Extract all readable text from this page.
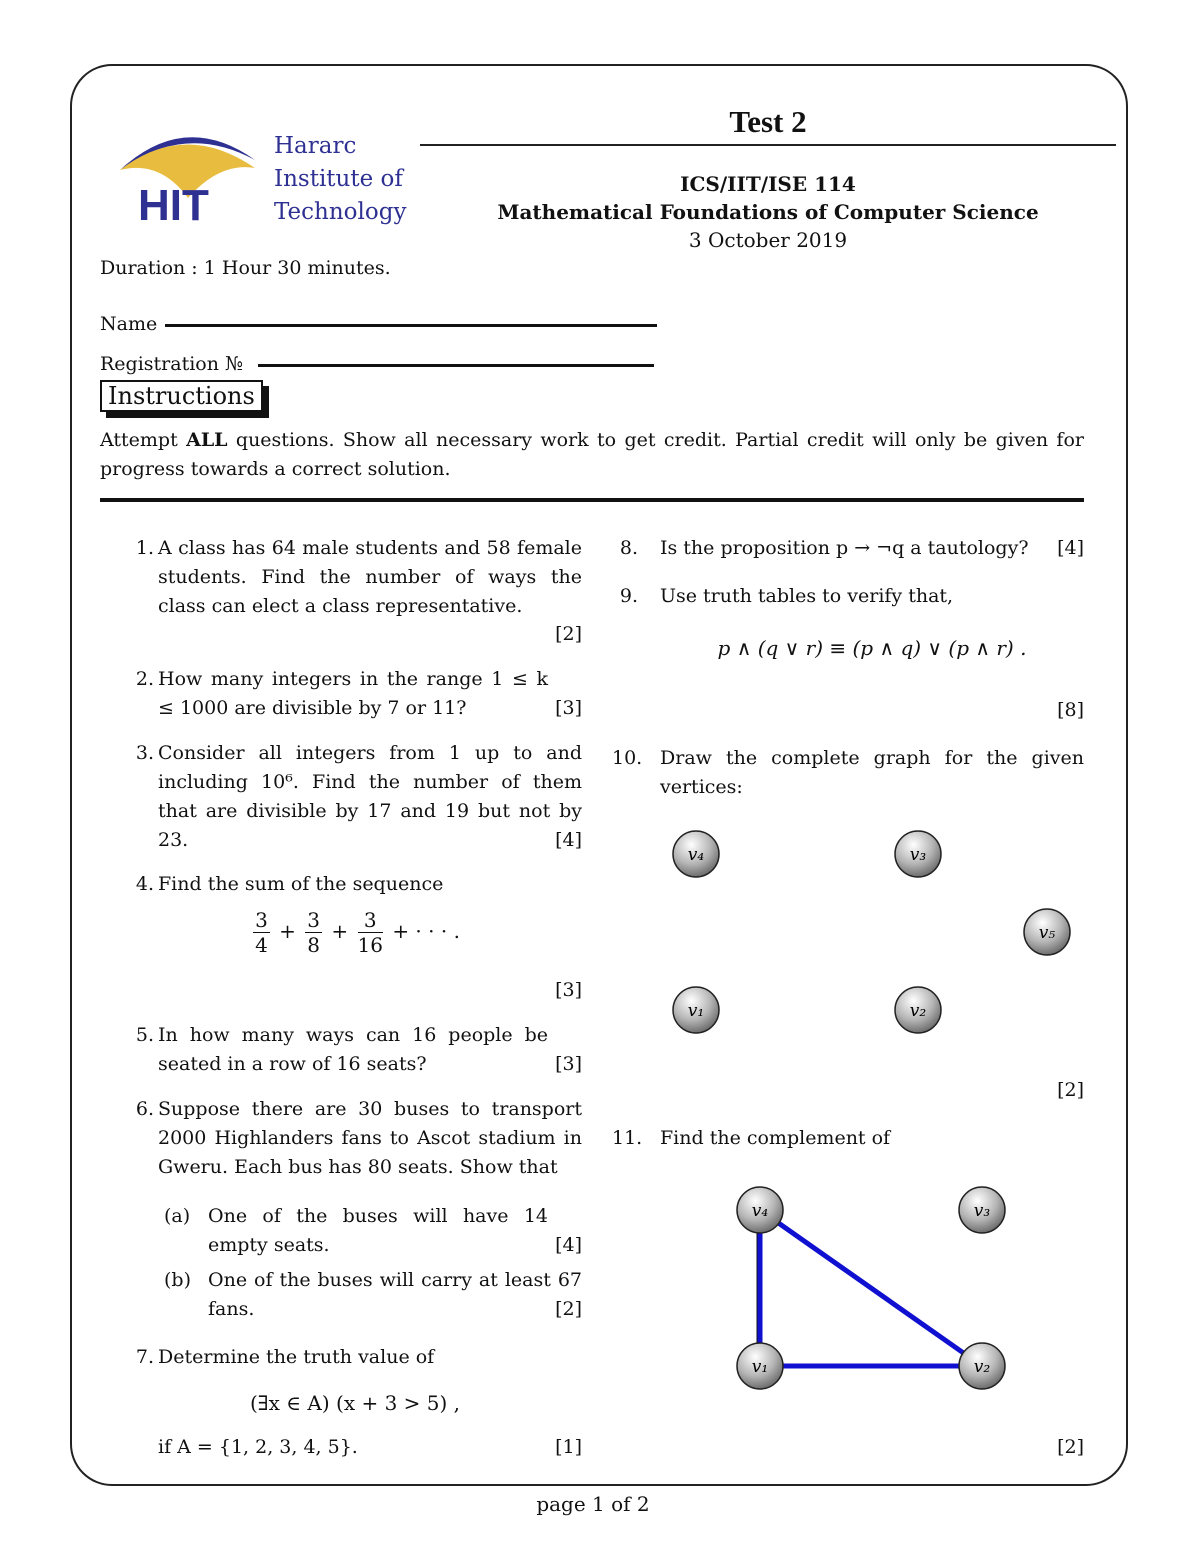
HIT
Hararc
Institute of
Technology
Test 2
ICS/IIT/ISE 114
Mathematical Foundations of Computer Science
3 October 2019
Duration : 1 Hour 30 minutes.
Name
Registration №
Instructions
Attempt ALL questions. Show all necessary work to get credit. Partial credit will only be given for progress towards a correct solution.
1. A class has 64 male students and 58 female students. Find the number of ways the class can elect a class representative.
[2]
2. How many integers in the range 1 ≤ k ≤ 1000 are divisible by 7 or 11?	[3]
3. Consider all integers from 1 up to and including 10⁶. Find the number of them that are divisible by 17 and 19 but not by 23.	[4]
4. Find the sum of the sequence
$\frac{3}{4} + \frac{3}{8} + \frac{3}{16}$ + · · · .
[3]
5. In how many ways can 16 people be seated in a row of 16 seats?	[3]
6. Suppose there are 30 buses to transport 2000 Highlanders fans to Ascot stadium in Gweru. Each bus has 80 seats. Show that
(a) One of the buses will have 14 empty seats.	[4]
(b) One of the buses will carry at least 67 fans.	[2]
7. Determine the truth value of
(∃x ∈ A) (x + 3 > 5) ,
if A = {1, 2, 3, 4, 5}.	[1]
8. Is the proposition p → ¬q a tautology? [4]
9. Use truth tables to verify that,
p ∧ (q ∨ r) ≡ (p ∧ q) ∨ (p ∧ r) .
[8]
10. Draw the complete graph for the given vertices:
[2]
v₄	v₃
v₅
v₁	v₂
11. Find the complement of
[2]
v₄	v₃
v₁	v₂
page 1 of 2
